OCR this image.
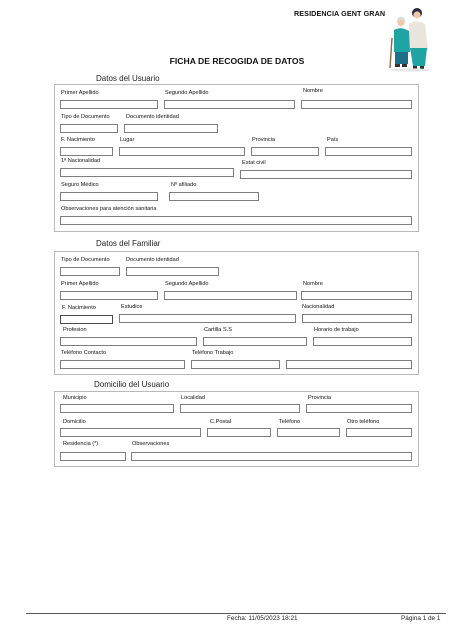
RESIDENCIA GENT GRAN
FICHA DE RECOGIDA DE DATOS
Datos del Usuario
Primer Apellido	Segundo Apellido	Nombre
Tipo de Documento	Documento identidad
F. Nacimiento	Lugar	Provincia	País
1ª Nacionalidad	Estat civil
Seguro Médico	Nº afiliado
Observaciones para atención sanitaria
Datos del Familiar
Tipo de Documento	Documento identidad
Primer Apellido	Segundo Apellido	Nombre
F. Nacimiento	Estudios	Nacionalidad
Profesion	Cartilla S.S	Horario de trabajo
Teléfono Contacto	Teléfono Trabajo
Domicilio del Usuario
Municipio	Localidad	Provincia
Domicilio	C.Postal	Teléfono	Otro teléfono
Residencia (*)	Observaciones
Fecha: 11/05/2023 18:21	Página 1 de 1
